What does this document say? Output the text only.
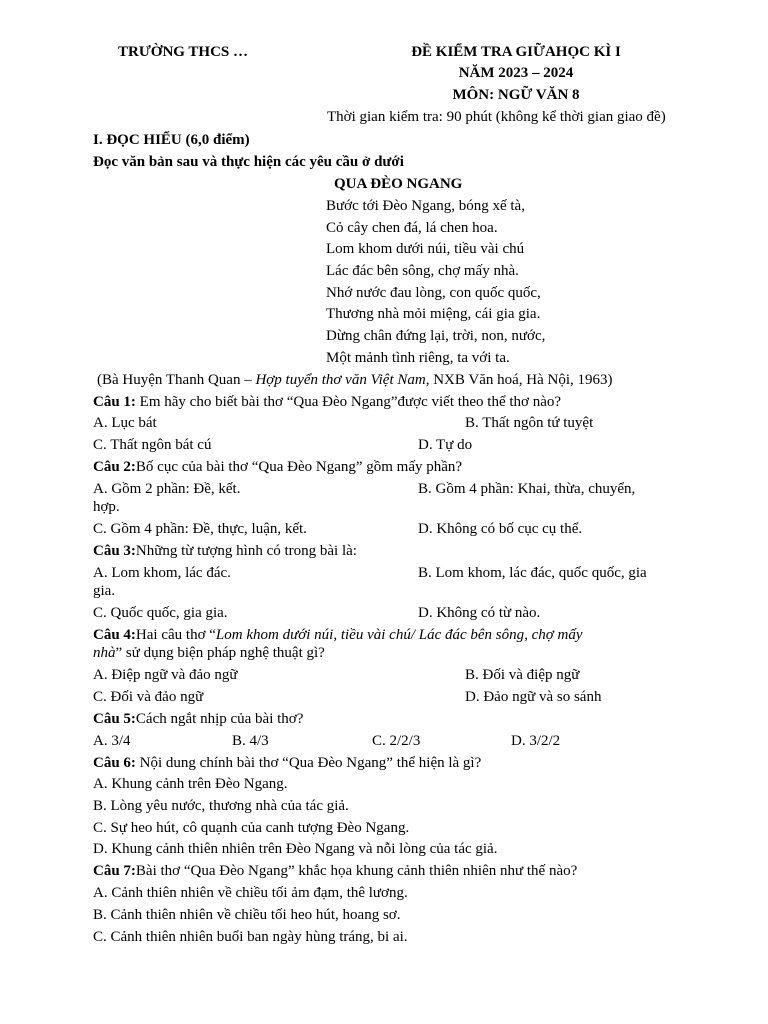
TRƯỜNG THCS …	ĐỀ KIỂM TRA GIỮAHỌC KÌ I
NĂM 2023 – 2024
MÔN: NGỮ VĂN 8
Thời gian kiểm tra: 90 phút (không kể thời gian giao đề)
I. ĐỌC HIỂU (6,0 điểm)
Đọc văn bản sau và thực hiện các yêu cầu ở dưới
QUA ĐÈO NGANG
Bước tới Đèo Ngang, bóng xế tà,
Cỏ cây chen đá, lá chen hoa.
Lom khom dưới núi, tiều vài chú
Lác đác bên sông, chợ mấy nhà.
Nhớ nước đau lòng, con quốc quốc,
Thương nhà mỏi miệng, cái gia gia.
Dừng chân đứng lại, trời, non, nước,
Một mảnh tình riêng, ta với ta.
(Bà Huyện Thanh Quan – Hợp tuyển thơ văn Việt Nam, NXB Văn hoá, Hà Nội, 1963)
Câu 1: Em hãy cho biết bài thơ “Qua Đèo Ngang”được viết theo thể thơ nào?
A. Lục bát	B. Thất ngôn tứ tuyệt
C. Thất ngôn bát cú	D. Tự do
Câu 2:Bố cục của bài thơ “Qua Đèo Ngang” gồm mấy phần?
A. Gồm 2 phần: Đề, kết.	B. Gồm 4 phần: Khai, thừa, chuyển,
hợp.
C. Gồm 4 phần: Đề, thực, luận, kết.	D. Không có bố cục cụ thể.
Câu 3:Những từ tượng hình có trong bài là:
A. Lom khom, lác đác.	B. Lom khom, lác đác, quốc quốc, gia
gia.
C. Quốc quốc, gia gia.	D. Không có từ nào.
Câu 4:Hai câu thơ “Lom khom dưới núi, tiều vài chú/ Lác đác bên sông, chợ mấy
nhà” sử dụng biện pháp nghệ thuật gì?
A. Điệp ngữ và đảo ngữ	B. Đối và điệp ngữ
C. Đối và đảo ngữ	D. Đảo ngữ và so sánh
Câu 5:Cách ngắt nhịp của bài thơ?
A. 3/4	B. 4/3	C. 2/2/3	D. 3/2/2
Câu 6: Nội dung chính bài thơ “Qua Đèo Ngang” thể hiện là gì?
A. Khung cảnh trên Đèo Ngang.
B. Lòng yêu nước, thương nhà của tác giả.
C. Sự heo hút, cô quạnh của canh tượng Đèo Ngang.
D. Khung cảnh thiên nhiên trên Đèo Ngang và nỗi lòng của tác giả.
Câu 7:Bài thơ “Qua Đèo Ngang” khắc họa khung cảnh thiên nhiên như thế nào?
A. Cảnh thiên nhiên về chiều tối ảm đạm, thê lương.
B. Cảnh thiên nhiên về chiều tối heo hút, hoang sơ.
C. Cảnh thiên nhiên buổi ban ngày hùng tráng, bi ai.
